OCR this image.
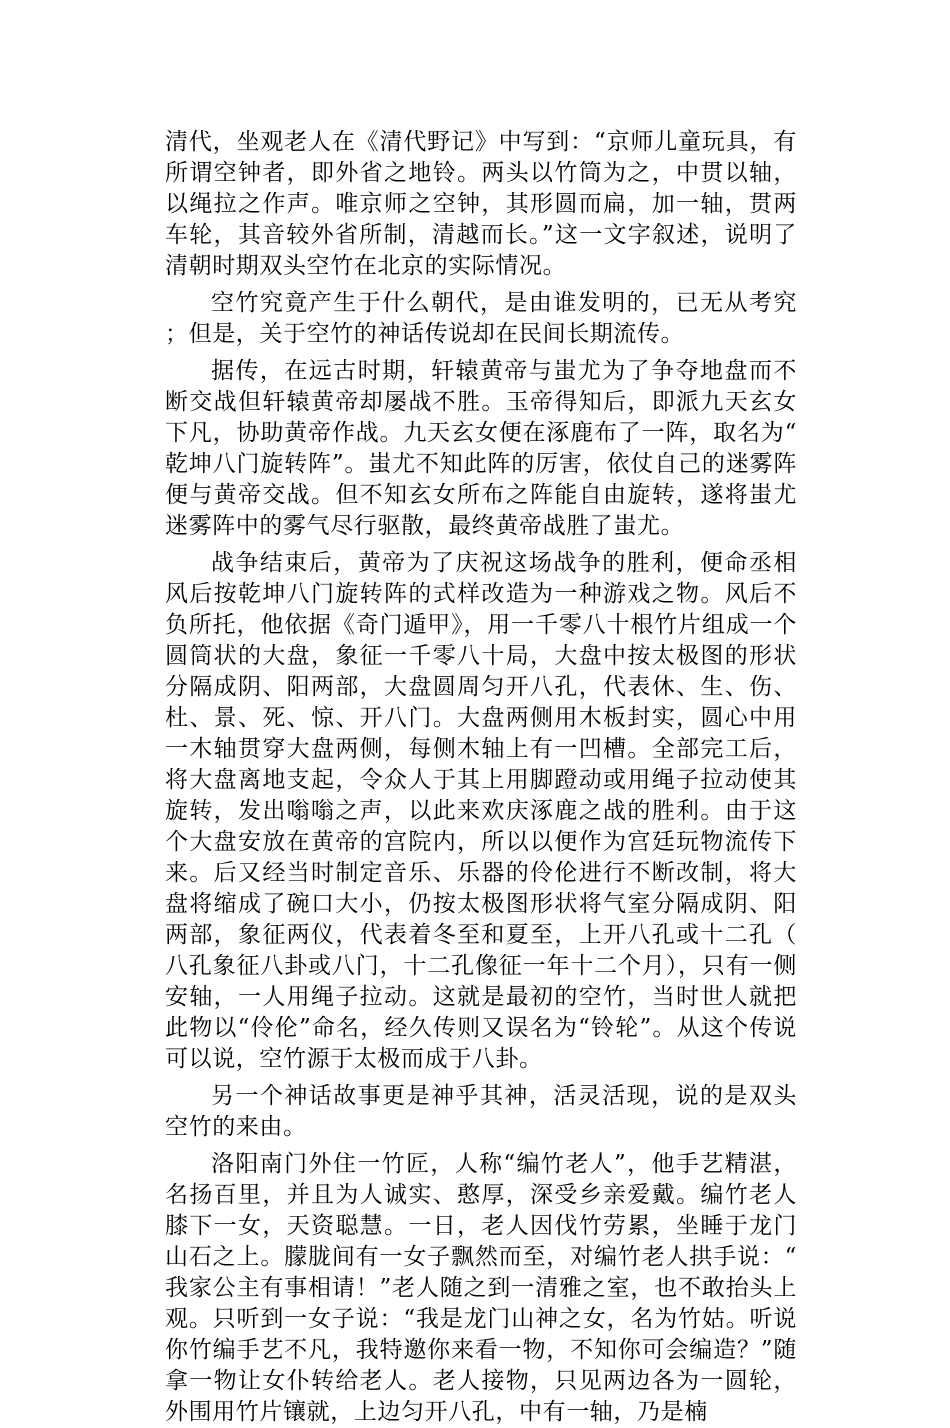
清代，坐观老人在《清代野记》中写到：“京师儿童玩具，有所谓空钟者，即外省之地铃。两头以竹筒为之，中贯以轴，以绳拉之作声。唯京师之空钟，其形圆而扁，加一轴，贯两车轮，其音较外省所制，清越而长。”这一文字叙述，说明了清朝时期双头空竹在北京的实际情况。

空竹究竟产生于什么朝代，是由谁发明的，已无从考究；但是，关于空竹的神话传说却在民间长期流传。

据传，在远古时期，轩辕黄帝与蚩尤为了争夺地盘而不断交战但轩辕黄帝却屡战不胜。玉帝得知后，即派九天玄女下凡，协助黄帝作战。九天玄女便在涿鹿布了一阵，取名为“乾坤八门旋转阵”。蚩尤不知此阵的厉害，依仗自己的迷雾阵便与黄帝交战。但不知玄女所布之阵能自由旋转，遂将蚩尤迷雾阵中的雾气尽行驱散，最终黄帝战胜了蚩尤。

战争结束后，黄帝为了庆祝这场战争的胜利，便命丞相风后按乾坤八门旋转阵的式样改造为一种游戏之物。风后不负所托，他依据《奇门遁甲》，用一千零八十根竹片组成一个圆筒状的大盘，象征一千零八十局，大盘中按太极图的形状分隔成阴、阳两部，大盘圆周匀开八孔，代表休、生、伤、杜、景、死、惊、开八门。大盘两侧用木板封实，圆心中用一木轴贯穿大盘两侧，每侧木轴上有一凹槽。全部完工后，将大盘离地支起，令众人于其上用脚蹬动或用绳子拉动使其旋转，发出嗡嗡之声，以此来欢庆涿鹿之战的胜利。由于这个大盘安放在黄帝的宫院内，所以以便作为宫廷玩物流传下来。后又经当时制定音乐、乐器的伶伦进行不断改制，将大盘将缩成了碗口大小，仍按太极图形状将气室分隔成阴、阳两部，象征两仪，代表着冬至和夏至，上开八孔或十二孔（八孔象征八卦或八门，十二孔像征一年十二个月），只有一侧安轴，一人用绳子拉动。这就是最初的空竹，当时世人就把此物以“伶伦”命名，经久传则又误名为“铃轮”。从这个传说可以说，空竹源于太极而成于八卦。

另一个神话故事更是神乎其神，活灵活现，说的是双头空竹的来由。

洛阳南门外住一竹匠，人称“编竹老人”，他手艺精湛，名扬百里，并且为人诚实、憨厚，深受乡亲爱戴。编竹老人膝下一女，天资聪慧。一日，老人因伐竹劳累，坐睡于龙门山石之上。朦胧间有一女子飘然而至，对编竹老人拱手说：“我家公主有事相请！”老人随之到一清雅之室，也不敢抬头上观。只听到一女子说：“我是龙门山神之女，名为竹姑。听说你竹编手艺不凡，我特邀你来看一物，不知你可会编造？”随拿一物让女仆转给老人。老人接物，只见两边各为一圆轮，外围用竹片镶就，上边匀开八孔，中有一轴，乃是楠
